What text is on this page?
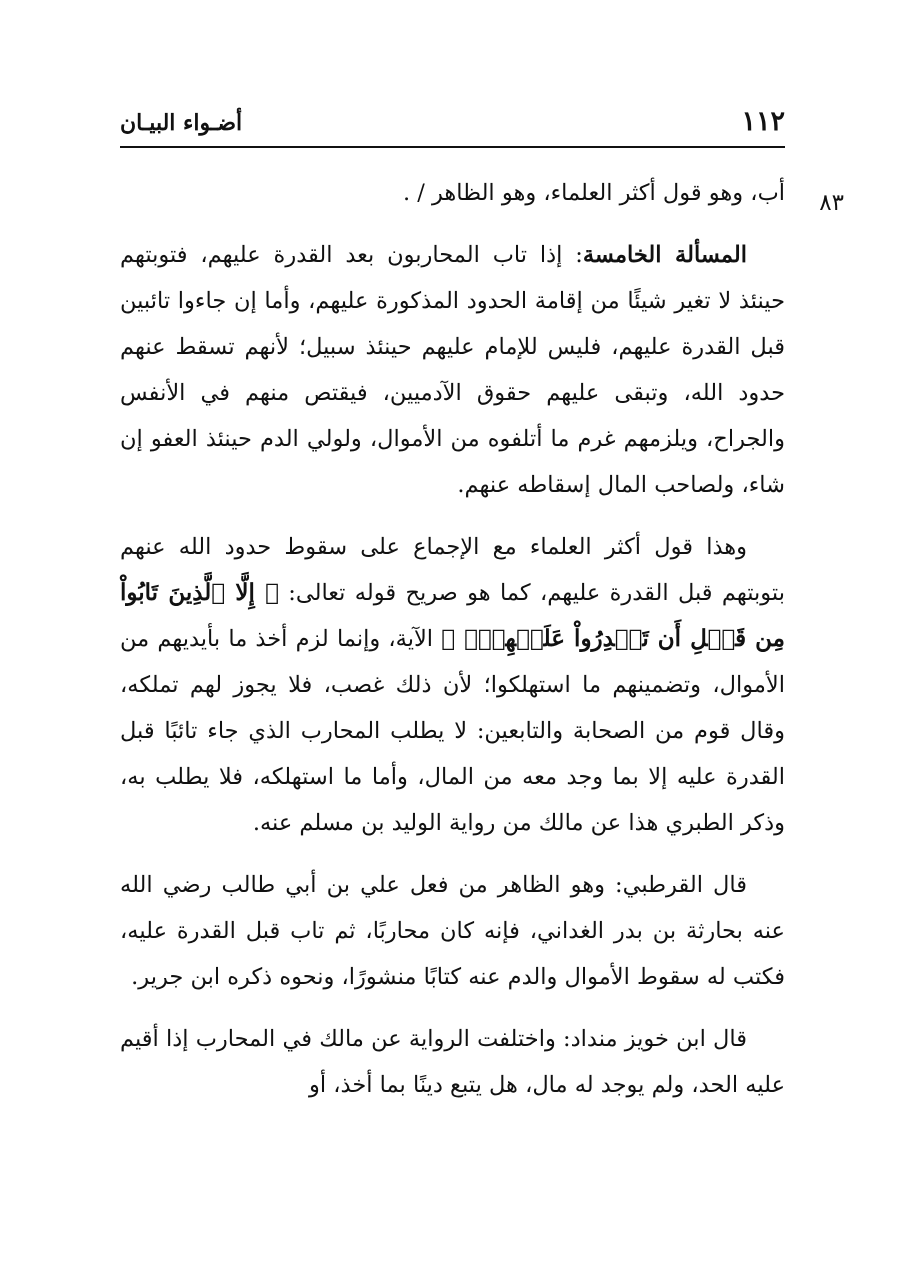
١١٢
أضـواء البيـان
٨٣

أب، وهو قول أكثر العلماء، وهو الظاهر / .

المسألة الخامسة: إذا تاب المحاربون بعد القدرة عليهم، فتوبتهم حينئذ لا تغير شيئًا من إقامة الحدود المذكورة عليهم، وأما إن جاءوا تائبين قبل القدرة عليهم، فليس للإمام عليهم حينئذ سبيل؛ لأنهم تسقط عنهم حدود الله، وتبقى عليهم حقوق الآدميين، فيقتص منهم في الأنفس والجراح، ويلزمهم غرم ما أتلفوه من الأموال، ولولي الدم حينئذ العفو إن شاء، ولصاحب المال إسقاطه عنهم.

وهذا قول أكثر العلماء مع الإجماع على سقوط حدود الله عنهم بتوبتهم قبل القدرة عليهم، كما هو صريح قوله تعالى: ﴿ إِلَّا ٱلَّذِينَ تَابُواْ مِن قَبۡلِ أَن تَقۡدِرُواْ عَلَيۡهِمۡۖ ﴾ الآية، وإنما لزم أخذ ما بأيديهم من الأموال، وتضمينهم ما استهلكوا؛ لأن ذلك غصب، فلا يجوز لهم تملكه، وقال قوم من الصحابة والتابعين: لا يطلب المحارب الذي جاء تائبًا قبل القدرة عليه إلا بما وجد معه من المال، وأما ما استهلكه، فلا يطلب به، وذكر الطبري هذا عن مالك من رواية الوليد بن مسلم عنه.

قال القرطبي: وهو الظاهر من فعل علي بن أبي طالب رضي الله عنه بحارثة بن بدر الغداني، فإنه كان محاربًا، ثم تاب قبل القدرة عليه، فكتب له سقوط الأموال والدم عنه كتابًا منشورًا، ونحوه ذكره ابن جرير.

قال ابن خويز منداد: واختلفت الرواية عن مالك في المحارب إذا أقيم عليه الحد، ولم يوجد له مال، هل يتبع دينًا بما أخذ، أو
